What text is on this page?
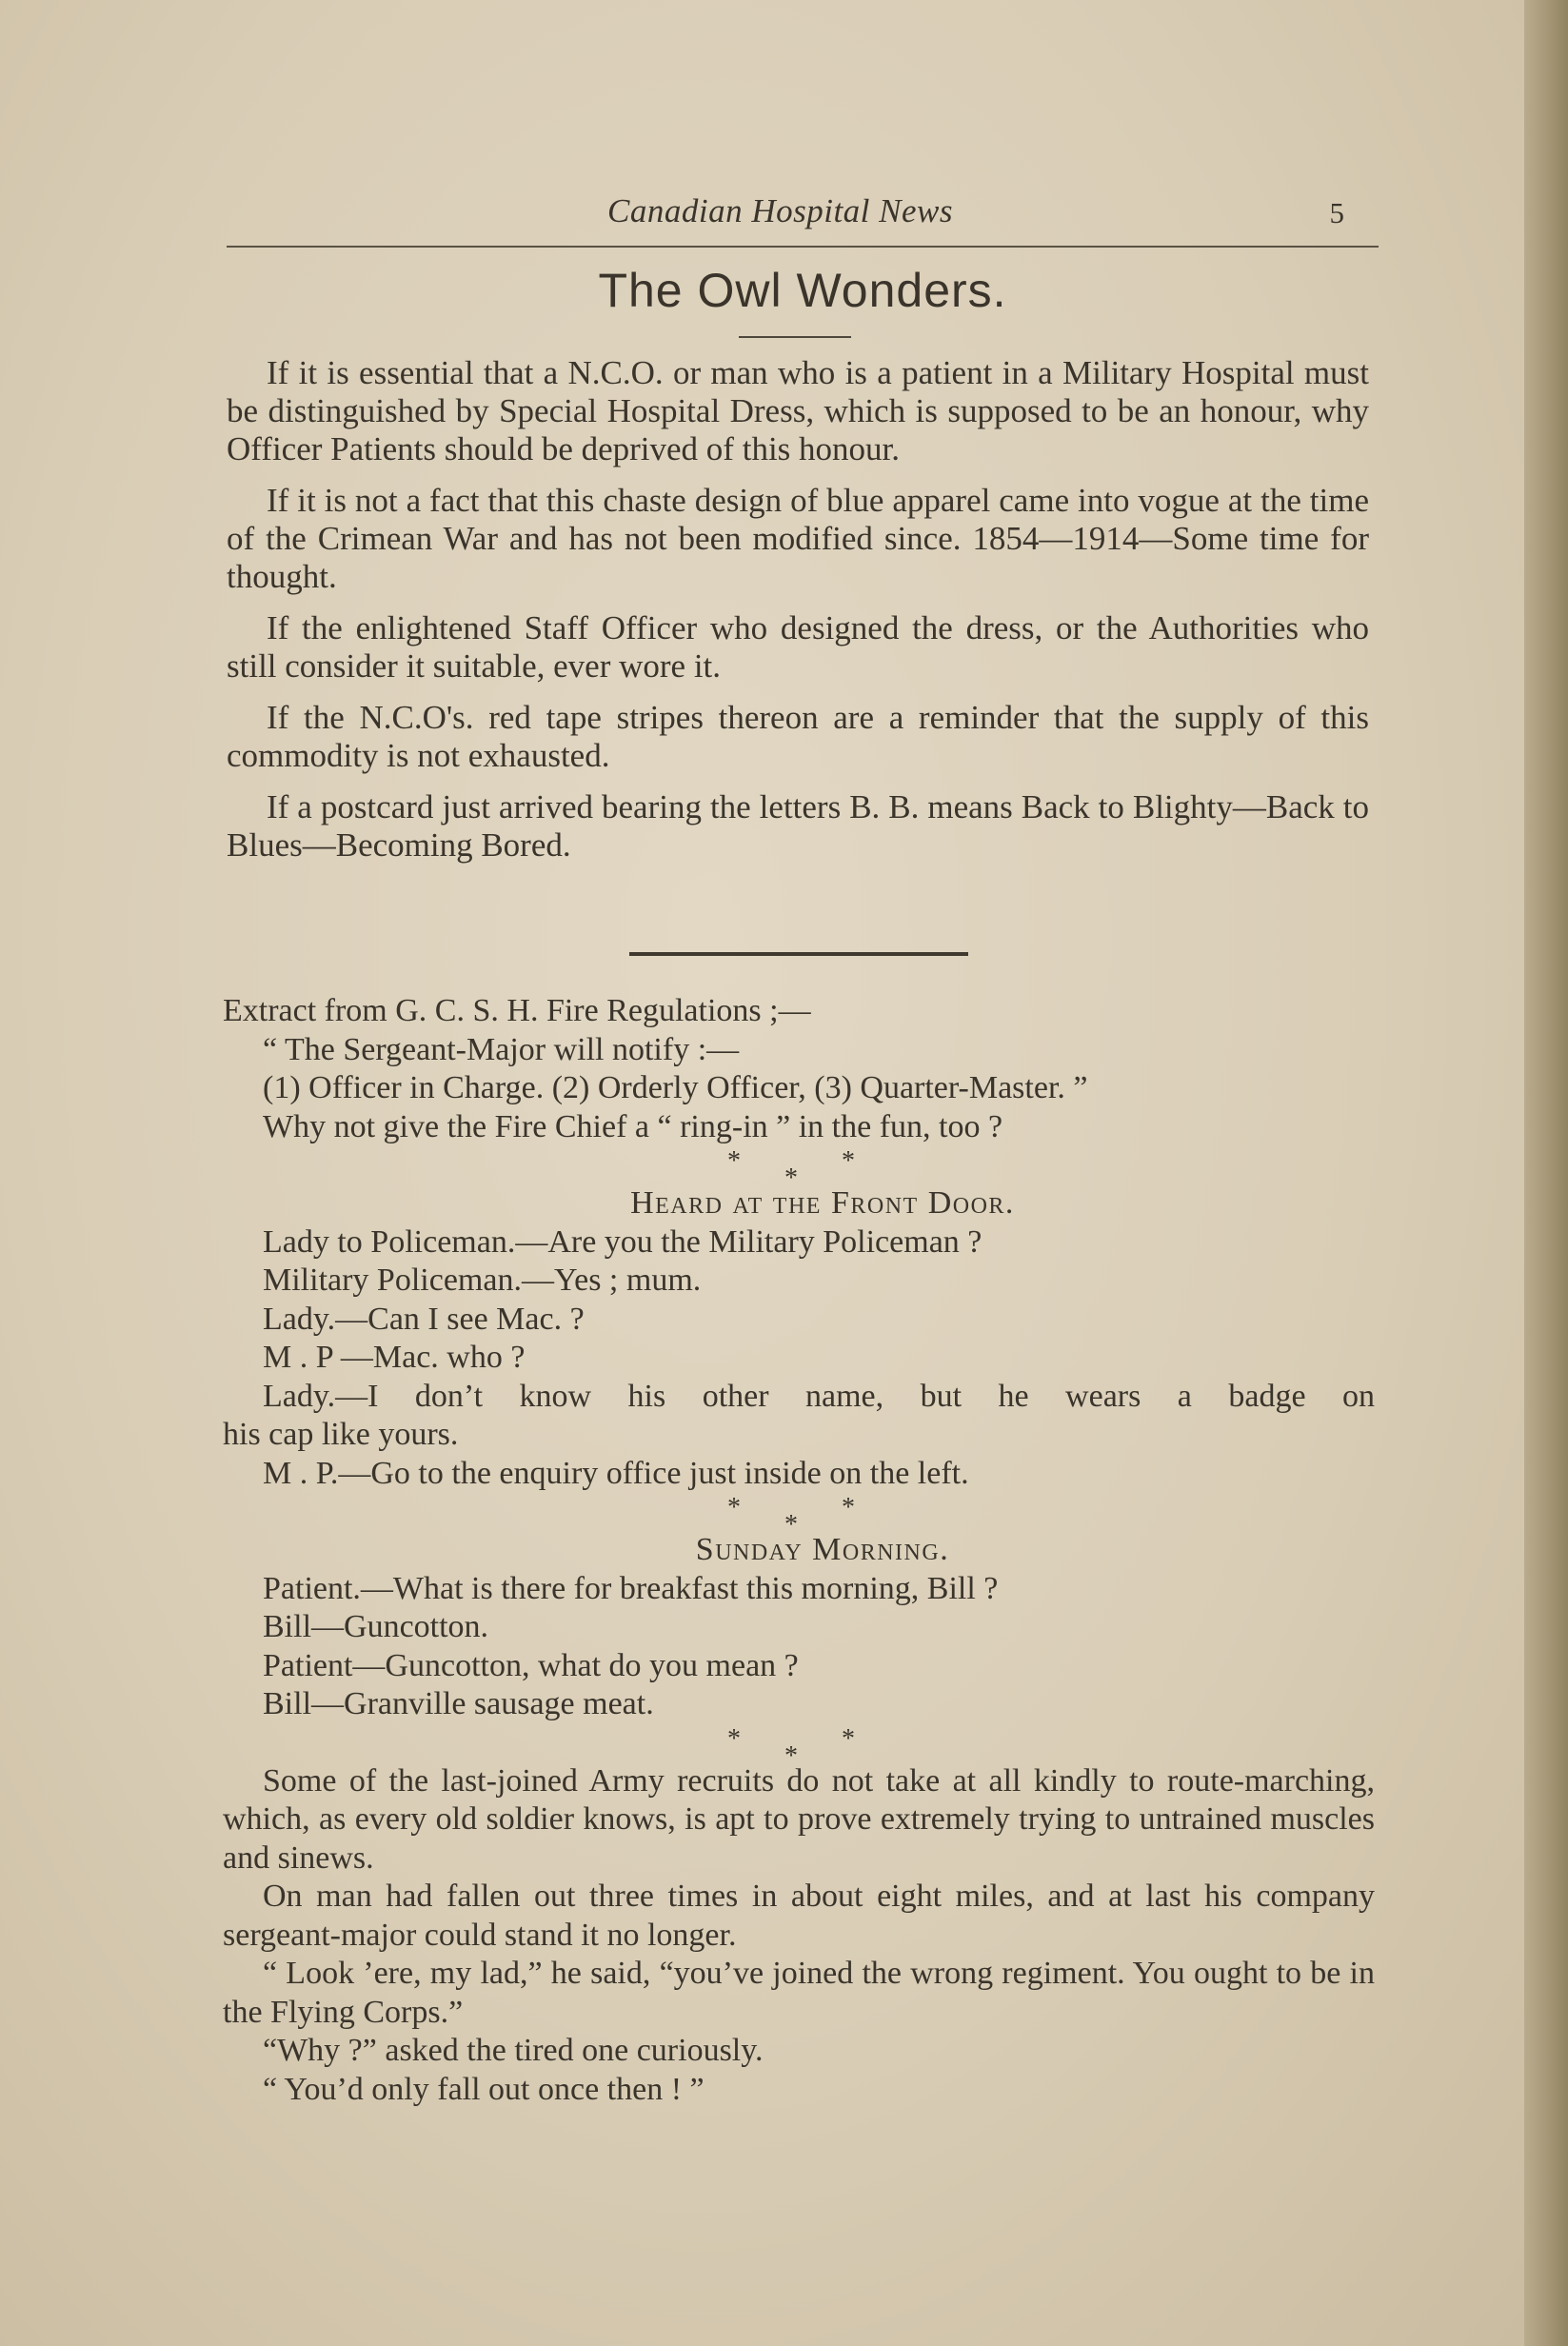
Canadian Hospital News	5
The Owl Wonders.

If it is essential that a N.C.O. or man who is a patient in a Military Hospital must be distinguished by Special Hospital Dress, which is supposed to be an honour, why Officer Patients should be deprived of this honour.

If it is not a fact that this chaste design of blue apparel came into vogue at the time of the Crimean War and has not been modified since. 1854—1914—Some time for thought.

If the enlightened Staff Officer who designed the dress, or the Authorities who still consider it suitable, ever wore it.

If the N.C.O's. red tape stripes thereon are a reminder that the supply of this commodity is not exhausted.

If a postcard just arrived bearing the letters B. B. means Back to Blighty—Back to Blues—Becoming Bored.

Extract from G. C. S. H. Fire Regulations ;—
“ The Sergeant-Major will notify :—
(1) Officer in Charge. (2) Orderly Officer, (3) Quarter-Master. ”
Why not give the Fire Chief a “ ring-in ” in the fun, too ?
*
*
*
Heard at the Front Door.
Lady to Policeman.—Are you the Military Policeman ?
Military Policeman.—Yes ; mum.
Lady.—Can I see Mac. ?
M . P —Mac. who ?
Lady.—I don’t know his other name, but he wears a badge on
his cap like yours.
M . P.—Go to the enquiry office just inside on the left.
*
*
*
Sunday Morning.
Patient.—What is there for breakfast this morning, Bill ?
Bill—Guncotton.
Patient—Guncotton, what do you mean ?
Bill—Granville sausage meat.
*
*
*
Some of the last-joined Army recruits do not take at all kindly to route-marching, which, as every old soldier knows, is apt to prove extremely trying to untrained muscles and sinews.
On man had fallen out three times in about eight miles, and at last his company sergeant-major could stand it no longer.
“ Look ’ere, my lad,” he said, “you’ve joined the wrong regiment. You ought to be in the Flying Corps.”
“Why ?” asked the tired one curiously.
“ You’d only fall out once then ! ”
